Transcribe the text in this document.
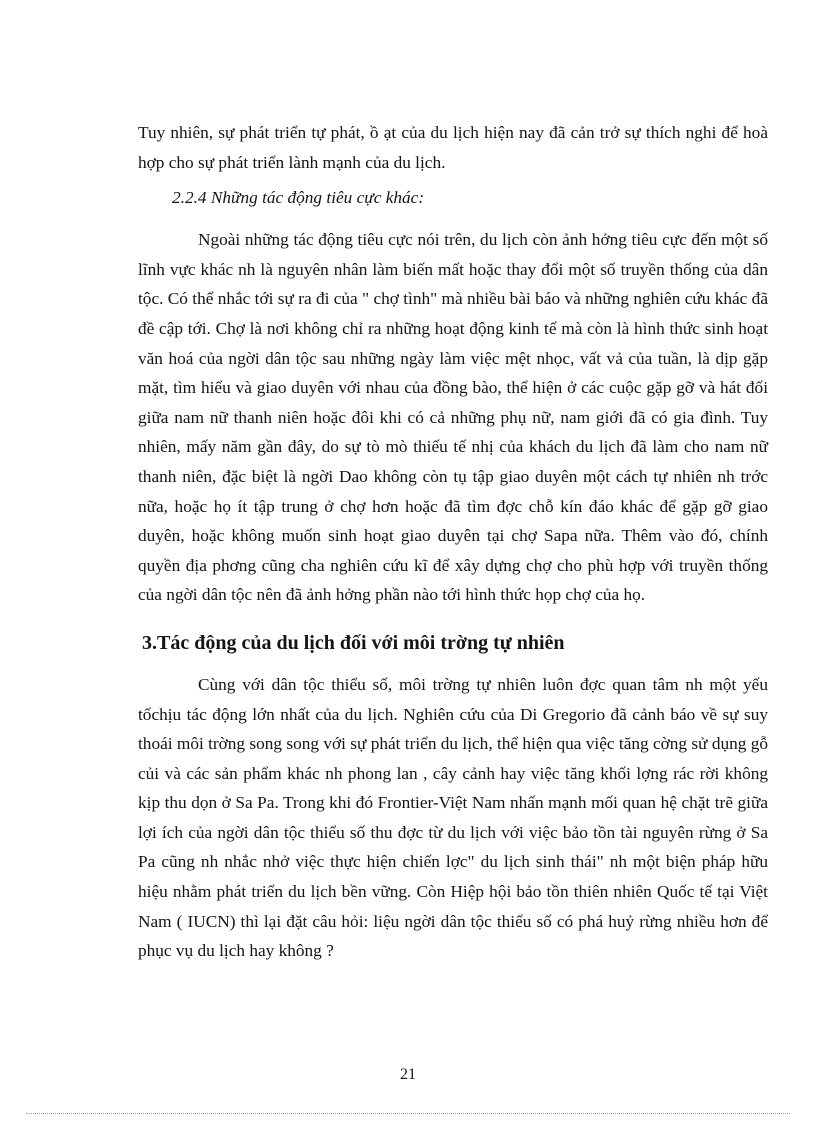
Tuy nhiên, sự phát triển tự phát, ồ ạt của du lịch hiện nay đã cản trở sự thích nghi để hoà hợp cho sự phát triển lành mạnh của du lịch.

2.2.4 Những tác động tiêu cực khác:

Ngoài những tác động tiêu cực nói trên, du lịch còn ảnh hởng tiêu cực đến một số lĩnh vực khác nh là nguyên nhân làm biến mất hoặc thay đổi một số truyền thống của dân tộc. Có thể nhắc tới sự ra đi của " chợ tình" mà nhiều bài báo và những nghiên cứu khác đã đề cập tới. Chợ là nơi không chỉ ra những hoạt động kinh tế mà còn là hình thức sinh hoạt văn hoá của ngời dân tộc sau những ngày làm việc mệt nhọc, vất vả của tuần, là dịp gặp mặt, tìm hiểu và giao duyên với nhau của đồng bào, thể hiện ở các cuộc gặp gỡ và hát đối giữa nam nữ thanh niên hoặc đôi khi có cả những phụ nữ, nam giới đã có gia đình. Tuy nhiên, mấy năm gần đây, do sự tò mò thiếu tế nhị của khách du lịch đã làm cho nam nữ thanh niên, đặc biệt là ngời Dao không còn tụ tập giao duyên một cách tự nhiên nh trớc nữa, hoặc họ ít tập trung ở chợ hơn hoặc đã tìm đợc chỗ kín đáo khác để gặp gỡ giao duyên, hoặc không muốn sinh hoạt giao duyên tại chợ Sapa nữa. Thêm vào đó, chính quyền địa phơng cũng cha nghiên cứu kĩ để xây dựng chợ cho phù hợp với truyền thống của ngời dân tộc nên đã ảnh hởng phần nào tới hình thức họp chợ của họ.

3.Tác động của du lịch đối với môi trờng tự nhiên

Cùng với dân tộc thiểu số, môi trờng tự nhiên luôn đợc quan tâm nh một yếu tốchịu tác động lớn nhất của du lịch. Nghiên cứu của Di Gregorio đã cảnh báo về sự suy thoái môi trờng song song với sự phát triển du lịch, thể hiện qua việc tăng cờng sử dụng gỗ củi và các sản phẩm khác nh phong lan , cây cảnh hay việc tăng khối lợng rác rời không kịp thu dọn ở Sa Pa. Trong khi đó Frontier-Việt Nam nhấn mạnh mối quan hệ chặt trẽ giữa lợi ích của ngời dân tộc thiểu số thu đợc từ du lịch với việc bảo tồn tài nguyên rừng ở Sa Pa cũng nh nhắc nhở việc thực hiện chiến lợc" du lịch sinh thái" nh một biện pháp hữu hiệu nhằm phát triển du lịch bền vững. Còn Hiệp hội bảo tồn thiên nhiên Quốc tế tại Việt Nam ( IUCN) thì lại đặt câu hỏi: liệu ngời dân tộc thiểu số có phá huỷ rừng nhiều hơn để phục vụ du lịch hay không ?

21
